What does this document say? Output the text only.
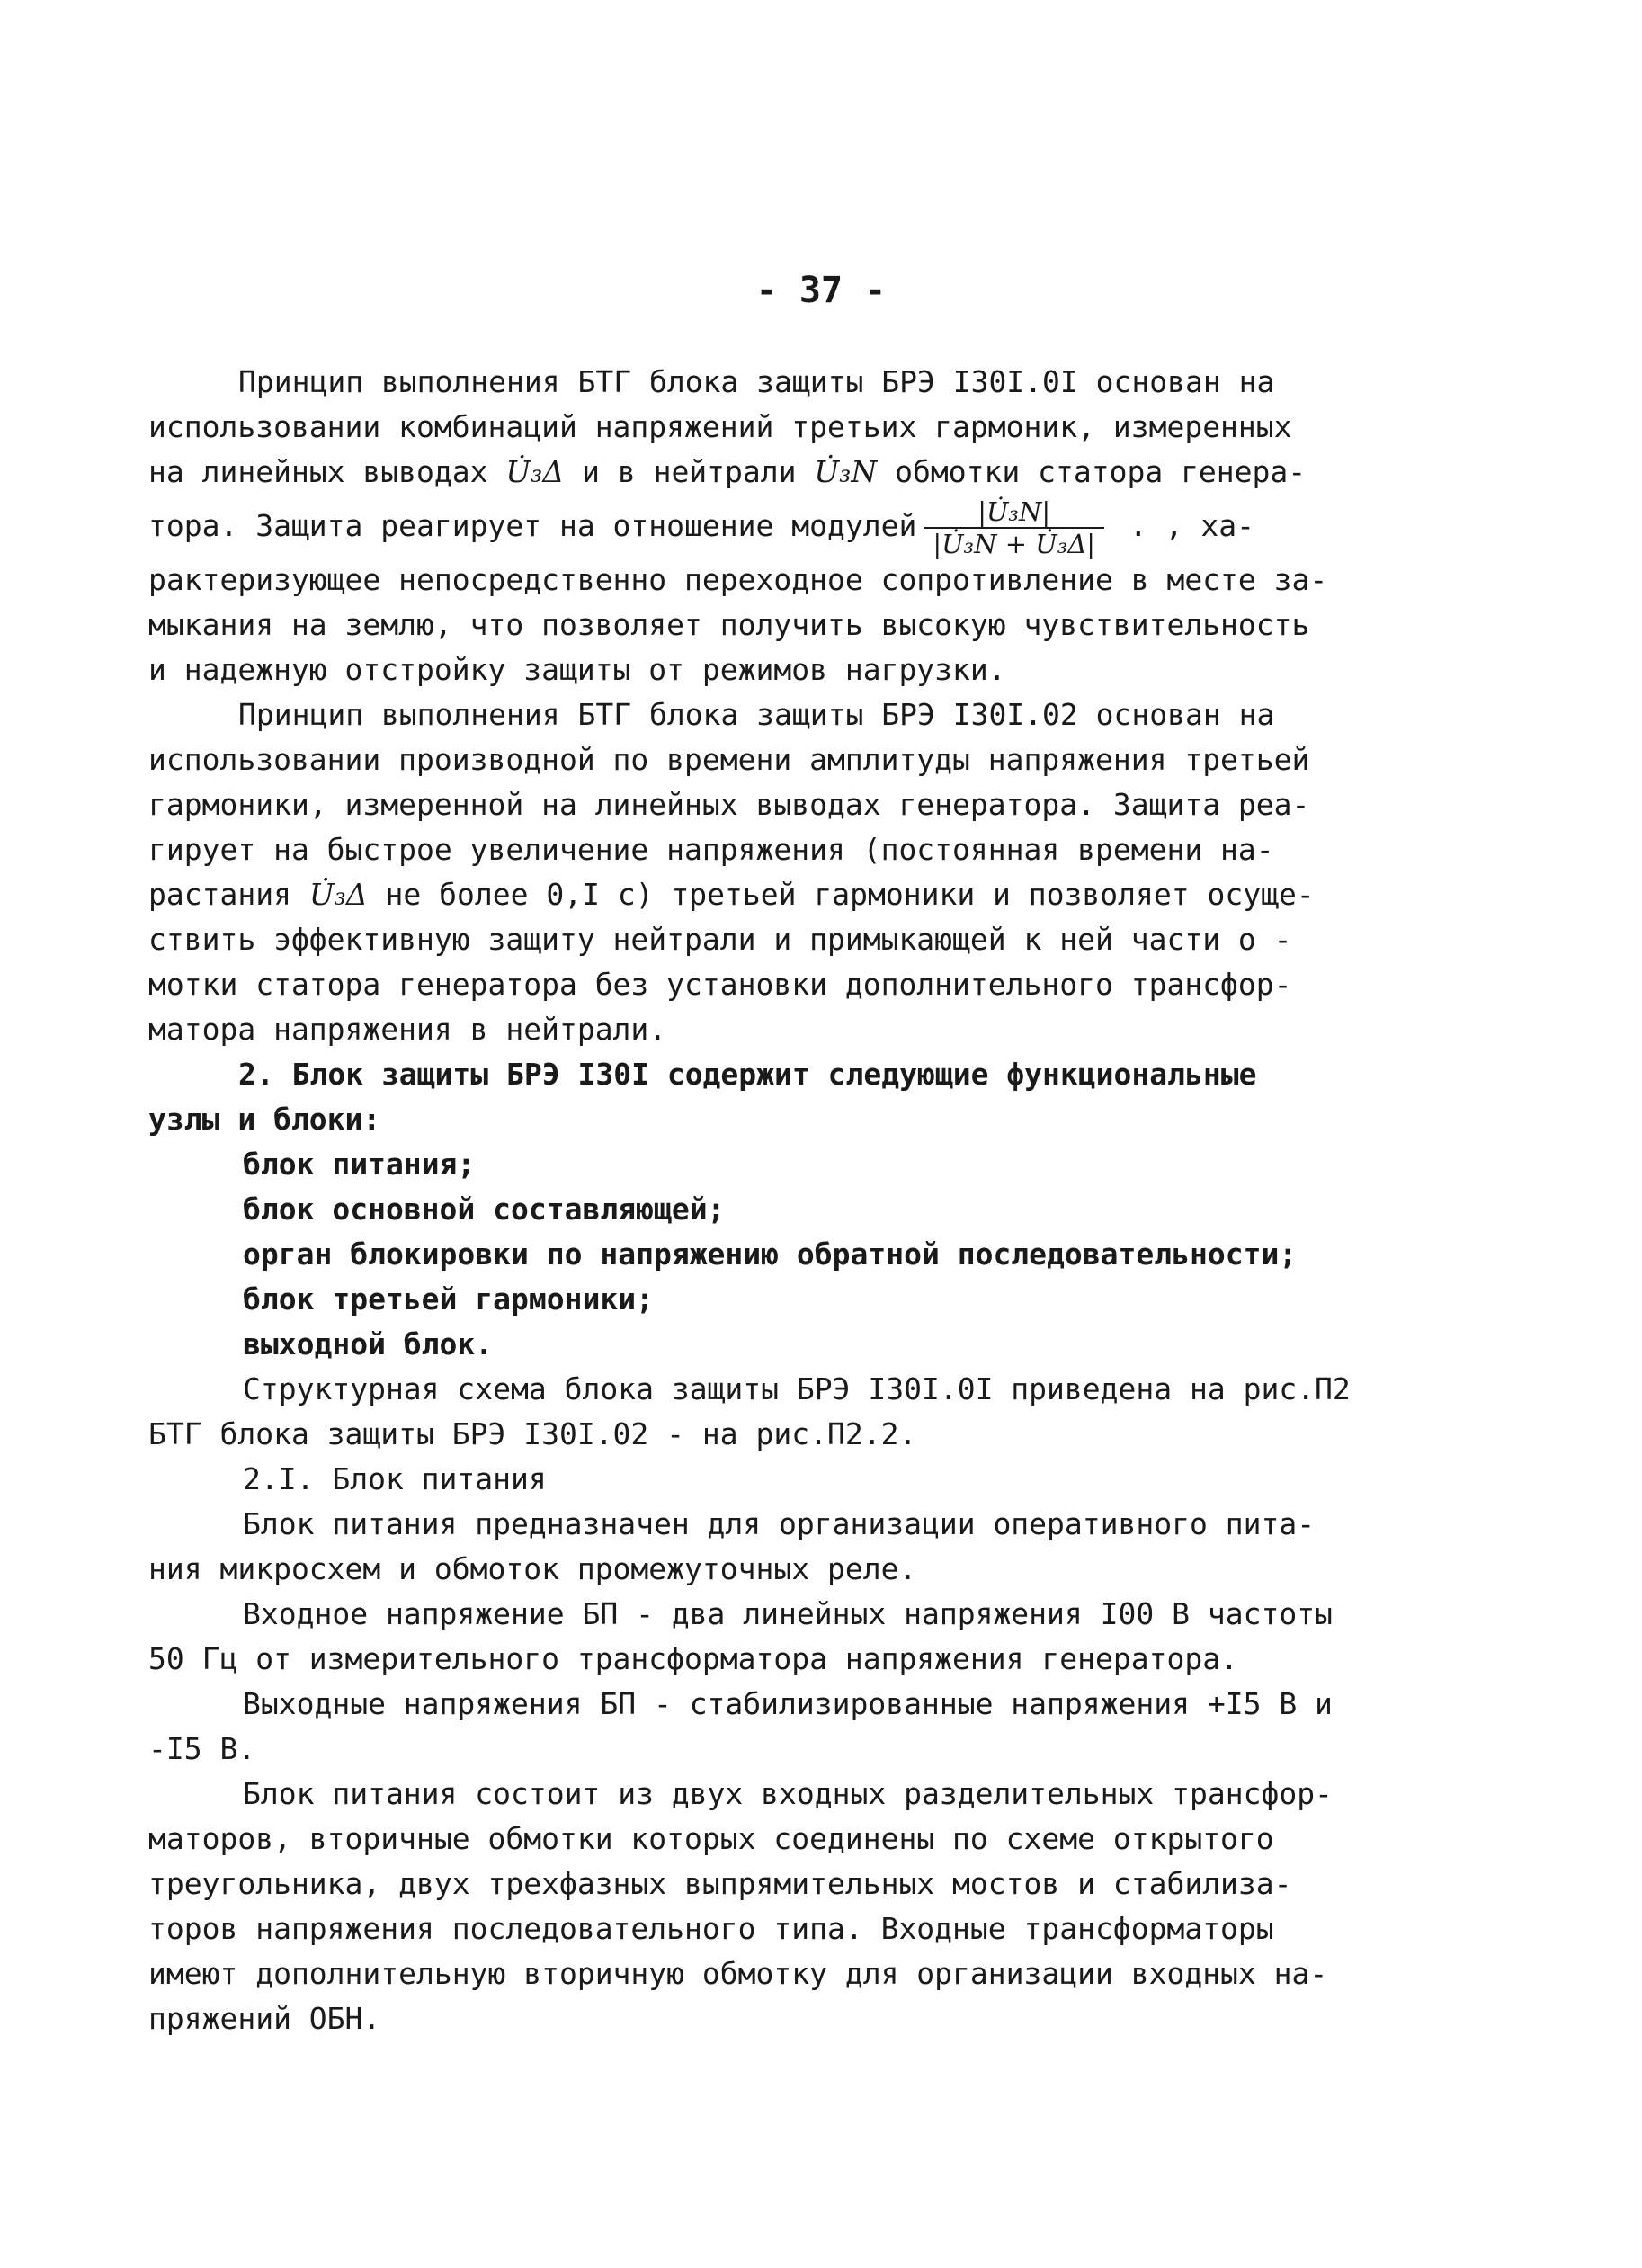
- 37 -
Принцип выполнения БТГ блока защиты БРЭ I30I.0I основан на
использовании комбинаций напряжений третьих гармоник, измеренных
на линейных выводах U̇₃Δ и в нейтрали U̇₃N обмотки статора генера-
тора. Защита реагирует на отношение модулей $\frac{\text{|U̇₃N|}}{\text{|U̇₃N + U̇₃Δ|}}$ . , ха-
рактеризующее непосредственно переходное сопротивление в месте за-
мыкания на землю, что позволяет получить высокую чувствительность
и надежную отстройку защиты от режимов нагрузки.
Принцип выполнения БТГ блока защиты БРЭ I30I.02 основан на
использовании производной по времени амплитуды напряжения третьей
гармоники, измеренной на линейных выводах генератора. Защита реа-
гирует на быстрое увеличение напряжения (постоянная времени на-
растания U̇₃Δ не более 0,I с) третьей гармоники и позволяет осуще-
ствить эффективную защиту нейтрали и примыкающей к ней части о -
мотки статора генератора без установки дополнительного трансфор-
матора напряжения в нейтрали.
2. Блок защиты БРЭ I30I содержит следующие функциональные
узлы и блоки:
блок питания;
блок основной составляющей;
орган блокировки по напряжению обратной последовательности;
блок третьей гармоники;
выходной блок.
Структурная схема блока защиты БРЭ I30I.0I приведена на рис.П2
БТГ блока защиты БРЭ I30I.02 - на рис.П2.2.
2.I. Блок питания
Блок питания предназначен для организации оперативного пита-
ния микросхем и обмоток промежуточных реле.
Входное напряжение БП - два линейных напряжения I00 В частоты
50 Гц от измерительного трансформатора напряжения генератора.
Выходные напряжения БП - стабилизированные напряжения +I5 В и
-I5 В.
Блок питания состоит из двух входных разделительных трансфор-
маторов, вторичные обмотки которых соединены по схеме открытого
треугольника, двух трехфазных выпрямительных мостов и стабилиза-
торов напряжения последовательного типа. Входные трансформаторы
имеют дополнительную вторичную обмотку для организации входных на-
пряжений ОБН.
